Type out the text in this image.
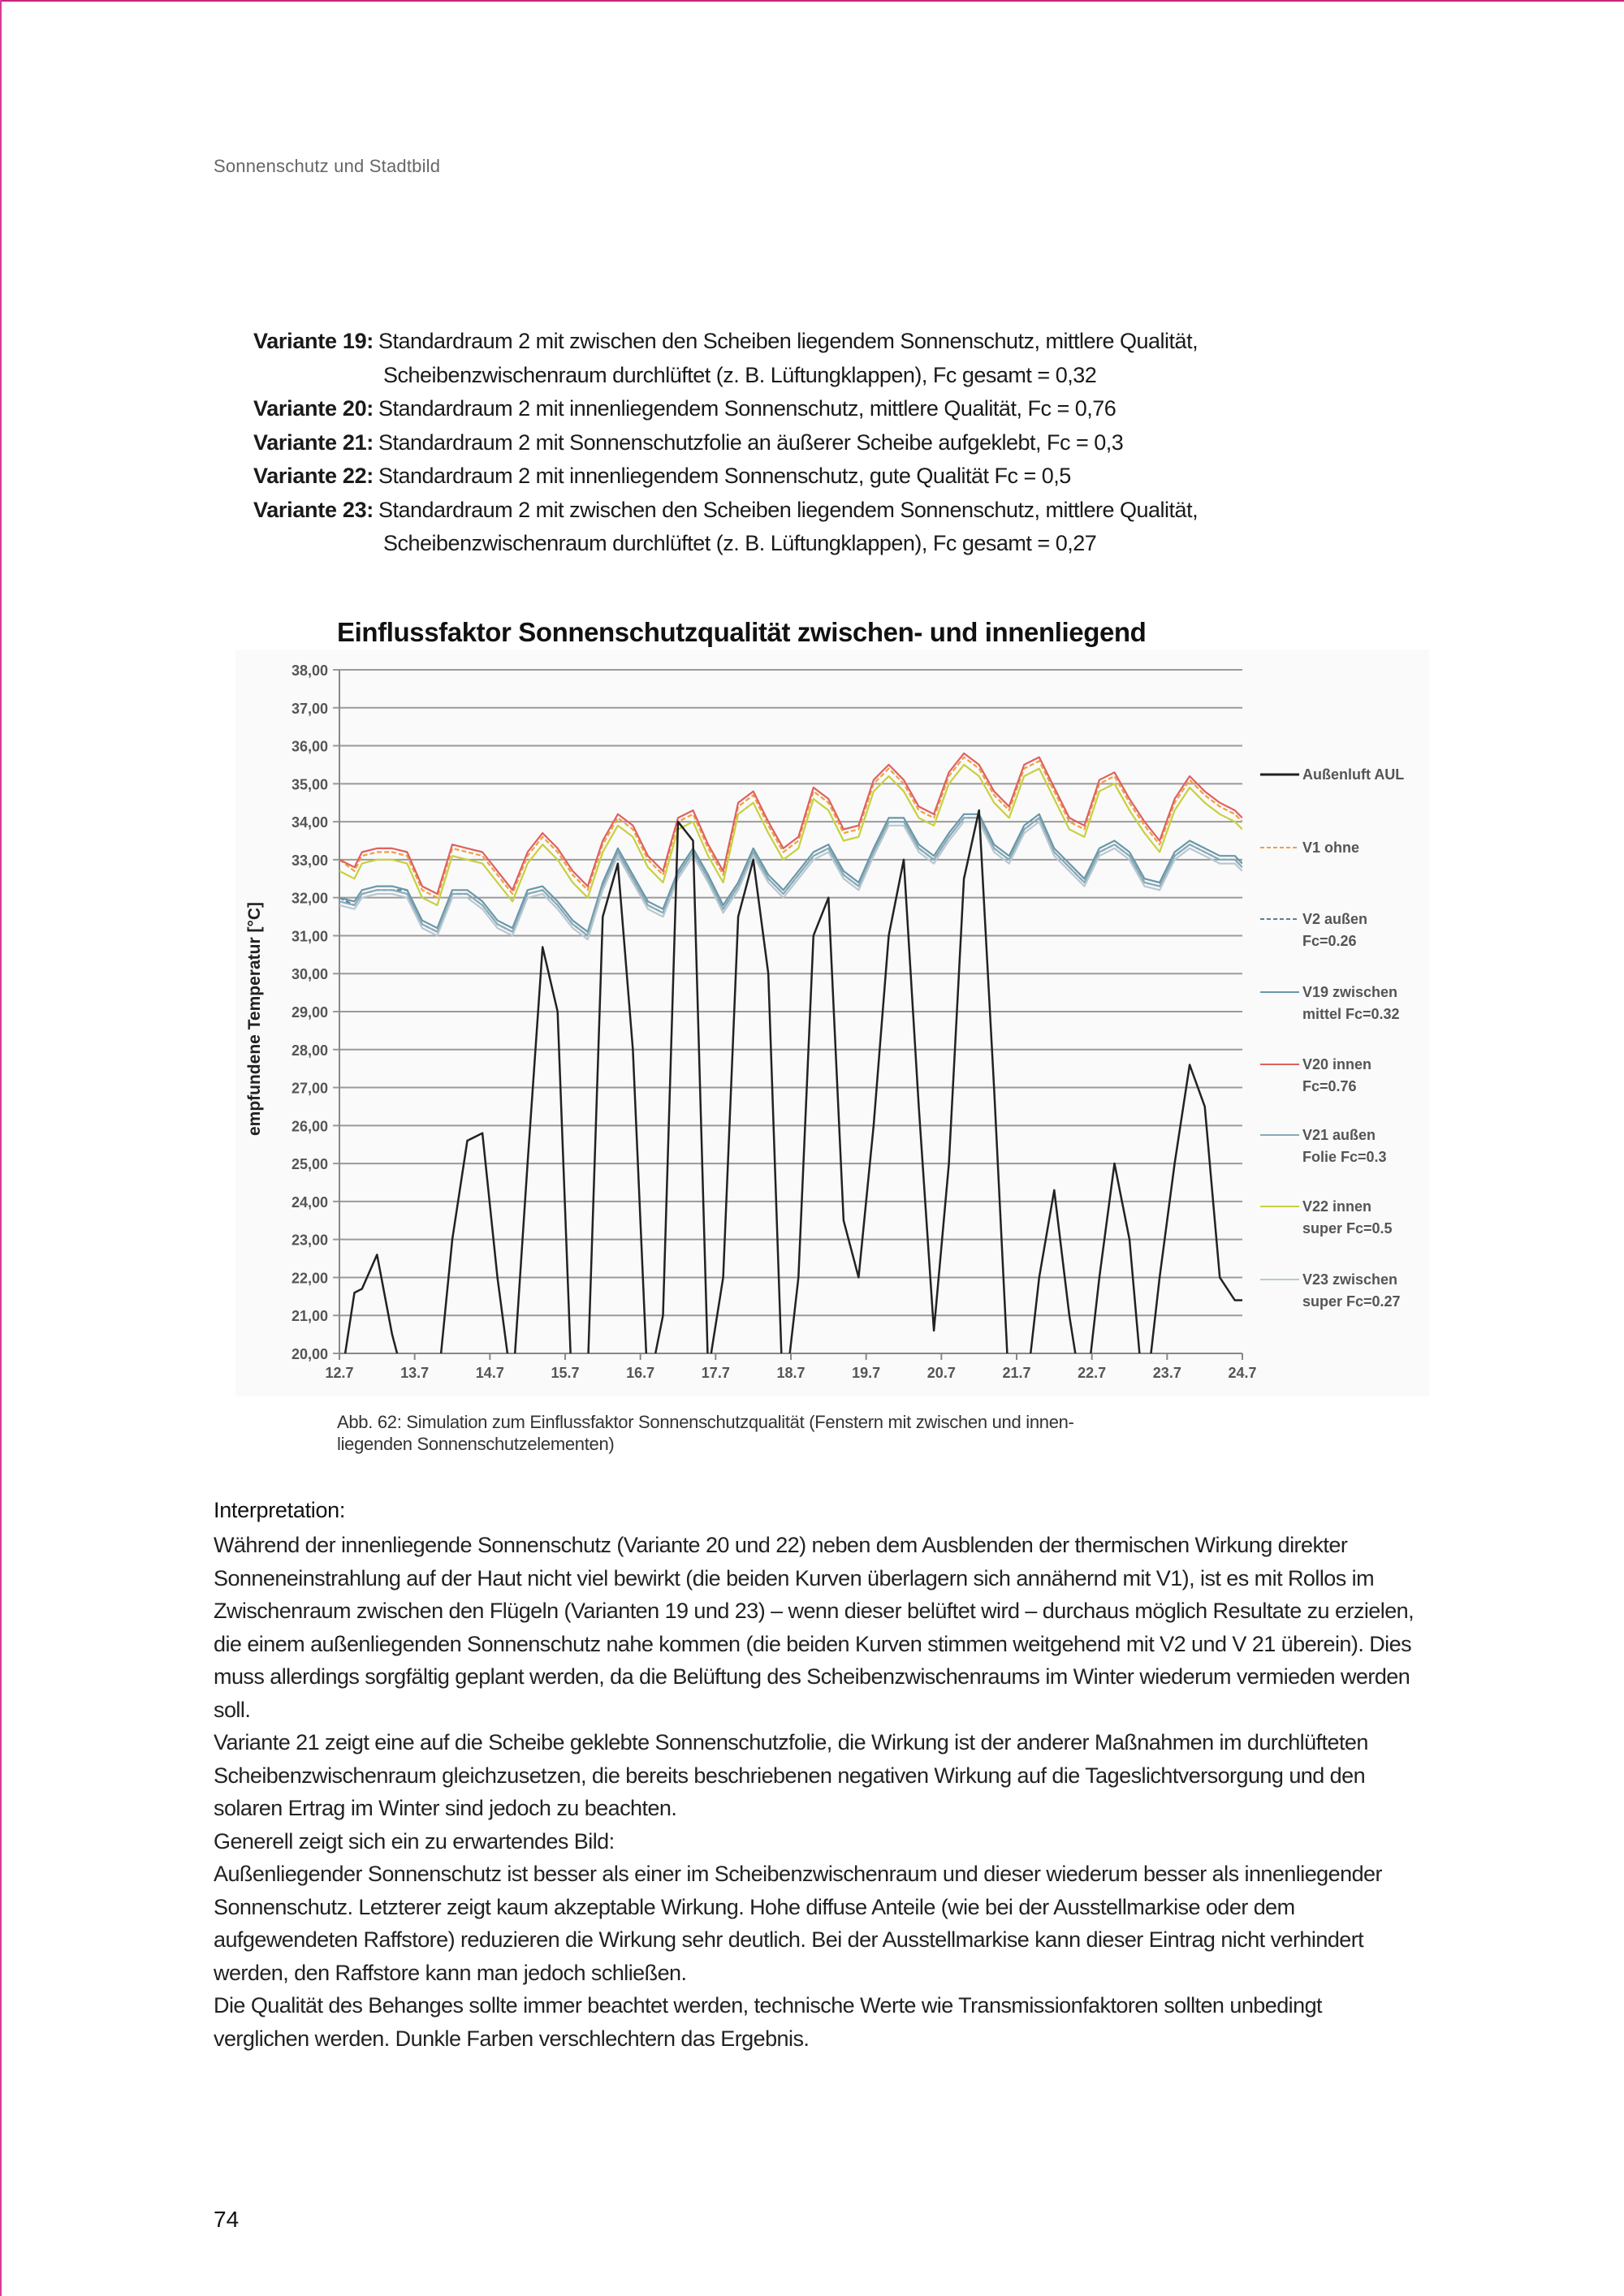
Sonnenschutz und Stadtbild
Variante 19: Standardraum 2 mit zwischen den Scheiben liegendem Sonnenschutz, mittlere Qualität,
Scheibenzwischenraum durchlüftet (z. B. Lüftungklappen), Fc gesamt = 0,32
Variante 20: Standardraum 2 mit innenliegendem Sonnenschutz, mittlere Qualität, Fc = 0,76
Variante 21: Standardraum 2 mit Sonnenschutzfolie an äußerer Scheibe aufgeklebt, Fc = 0,3
Variante 22: Standardraum 2 mit innenliegendem Sonnenschutz, gute Qualität Fc = 0,5
Variante 23: Standardraum 2 mit zwischen den Scheiben liegendem Sonnenschutz, mittlere Qualität,
Scheibenzwischenraum durchlüftet (z. B. Lüftungklappen), Fc gesamt = 0,27
Einflussfaktor Sonnenschutzqualität zwischen- und innenliegend
20,00
21,00
22,00
23,00
24,00
25,00
26,00
27,00
28,00
29,00
30,00
31,00
32,00
33,00
34,00
35,00
36,00
37,00
38,00
12.7	13.7	14.7	15.7	16.7	17.7	18.7	19.7	20.7	21.7	22.7	23.7	24.7
Außenluft AUL
V1 ohne
V2 außen
Fc=0.26
V19 zwischen
mittel Fc=0.32
V20 innen
Fc=0.76
V21 außen
Folie Fc=0.3
V22 innen
super Fc=0.5
V23 zwischen
super Fc=0.27
empfundene Temperatur [°C]
Abb. 62: Simulation zum Einflussfaktor Sonnenschutzqualität (Fenstern mit zwischen und innen-
liegenden Sonnenschutzelementen)
Interpretation:

Während der innenliegende Sonnenschutz (Variante 20 und 22) neben dem Ausblenden der thermischen Wirkung direkter Sonneneinstrahlung auf der Haut nicht viel bewirkt (die beiden Kurven überlagern sich annähernd mit V1), ist es mit Rollos im Zwischenraum zwischen den Flügeln (Varianten 19 und 23) – wenn dieser belüftet wird – durchaus möglich Resultate zu erzielen, die einem außenliegenden Sonnenschutz nahe kommen (die beiden Kurven stimmen weitgehend mit V2 und V 21 überein). Dies muss allerdings sorgfältig geplant werden, da die Belüftung des Scheibenzwischenraums im Winter wiederum vermieden werden soll.

Variante 21 zeigt eine auf die Scheibe geklebte Sonnenschutzfolie, die Wirkung ist der anderer Maßnahmen im durchlüfteten Scheibenzwischenraum gleichzusetzen, die bereits beschriebenen negativen Wirkung auf die Tageslichtversorgung und den solaren Ertrag im Winter sind jedoch zu beachten.

Generell zeigt sich ein zu erwartendes Bild:

Außenliegender Sonnenschutz ist besser als einer im Scheibenzwischenraum und dieser wiederum besser als innenliegender Sonnenschutz. Letzterer zeigt kaum akzeptable Wirkung. Hohe diffuse Anteile (wie bei der Ausstellmarkise oder dem aufgewendeten Raffstore) reduzieren die Wirkung sehr deutlich. Bei der Ausstellmarkise kann dieser Eintrag nicht verhindert werden, den Raffstore kann man jedoch schließen.

Die Qualität des Behanges sollte immer beachtet werden, technische Werte wie Transmissionfaktoren sollten unbedingt verglichen werden. Dunkle Farben verschlechtern das Ergebnis.

74
